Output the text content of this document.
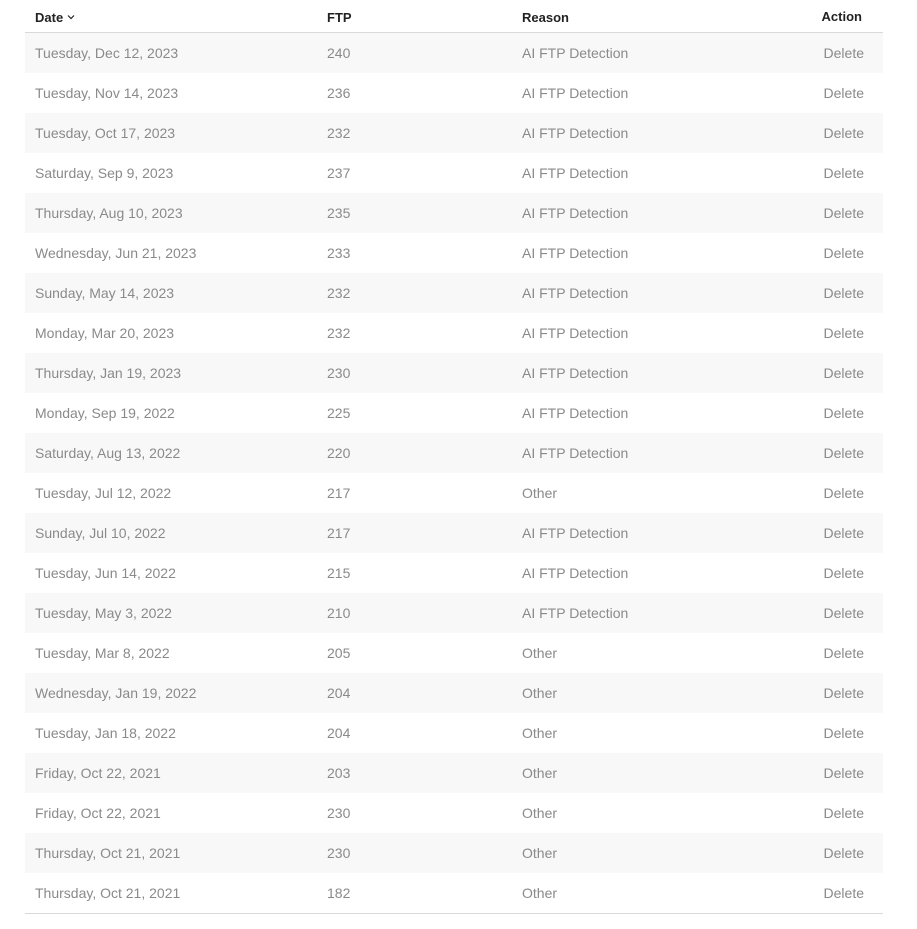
Date	FTP	Reason	Action
Tuesday, Dec 12, 2023	240	AI FTP Detection	Delete
Tuesday, Nov 14, 2023	236	AI FTP Detection	Delete
Tuesday, Oct 17, 2023	232	AI FTP Detection	Delete
Saturday, Sep 9, 2023	237	AI FTP Detection	Delete
Thursday, Aug 10, 2023	235	AI FTP Detection	Delete
Wednesday, Jun 21, 2023	233	AI FTP Detection	Delete
Sunday, May 14, 2023	232	AI FTP Detection	Delete
Monday, Mar 20, 2023	232	AI FTP Detection	Delete
Thursday, Jan 19, 2023	230	AI FTP Detection	Delete
Monday, Sep 19, 2022	225	AI FTP Detection	Delete
Saturday, Aug 13, 2022	220	AI FTP Detection	Delete
Tuesday, Jul 12, 2022	217	Other	Delete
Sunday, Jul 10, 2022	217	AI FTP Detection	Delete
Tuesday, Jun 14, 2022	215	AI FTP Detection	Delete
Tuesday, May 3, 2022	210	AI FTP Detection	Delete
Tuesday, Mar 8, 2022	205	Other	Delete
Wednesday, Jan 19, 2022	204	Other	Delete
Tuesday, Jan 18, 2022	204	Other	Delete
Friday, Oct 22, 2021	203	Other	Delete
Friday, Oct 22, 2021	230	Other	Delete
Thursday, Oct 21, 2021	230	Other	Delete
Thursday, Oct 21, 2021	182	Other	Delete
